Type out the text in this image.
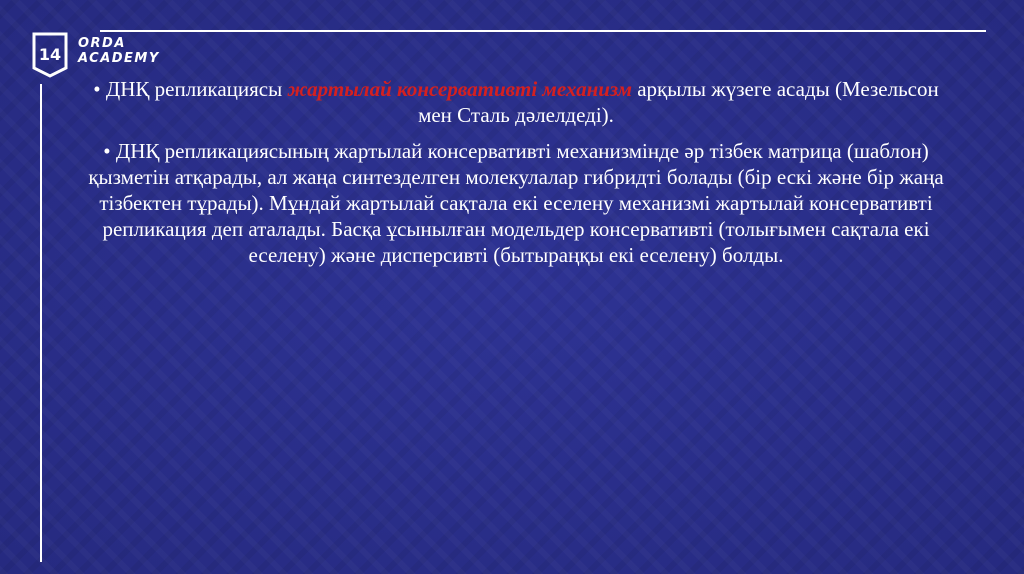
14
ORDA
ACADEMY

• ДНҚ репликациясы жартылай консервативті механизм арқылы жүзеге асады (Мезельсон мен Сталь дәлелдеді).

• ДНҚ репликациясының жартылай консервативті механизмінде әр тізбек матрица (шаблон) қызметін атқарады, ал жаңа синтезделген молекулалар гибридті болады (бір ескі және бір жаңа тізбектен тұрады). Мұндай жартылай сақтала екі еселену механизмі жартылай консервативті репликация деп аталады. Басқа ұсынылған модельдер консервативті (толығымен сақтала екі еселену) және дисперсивті (бытыраңқы екі еселену) болды.
